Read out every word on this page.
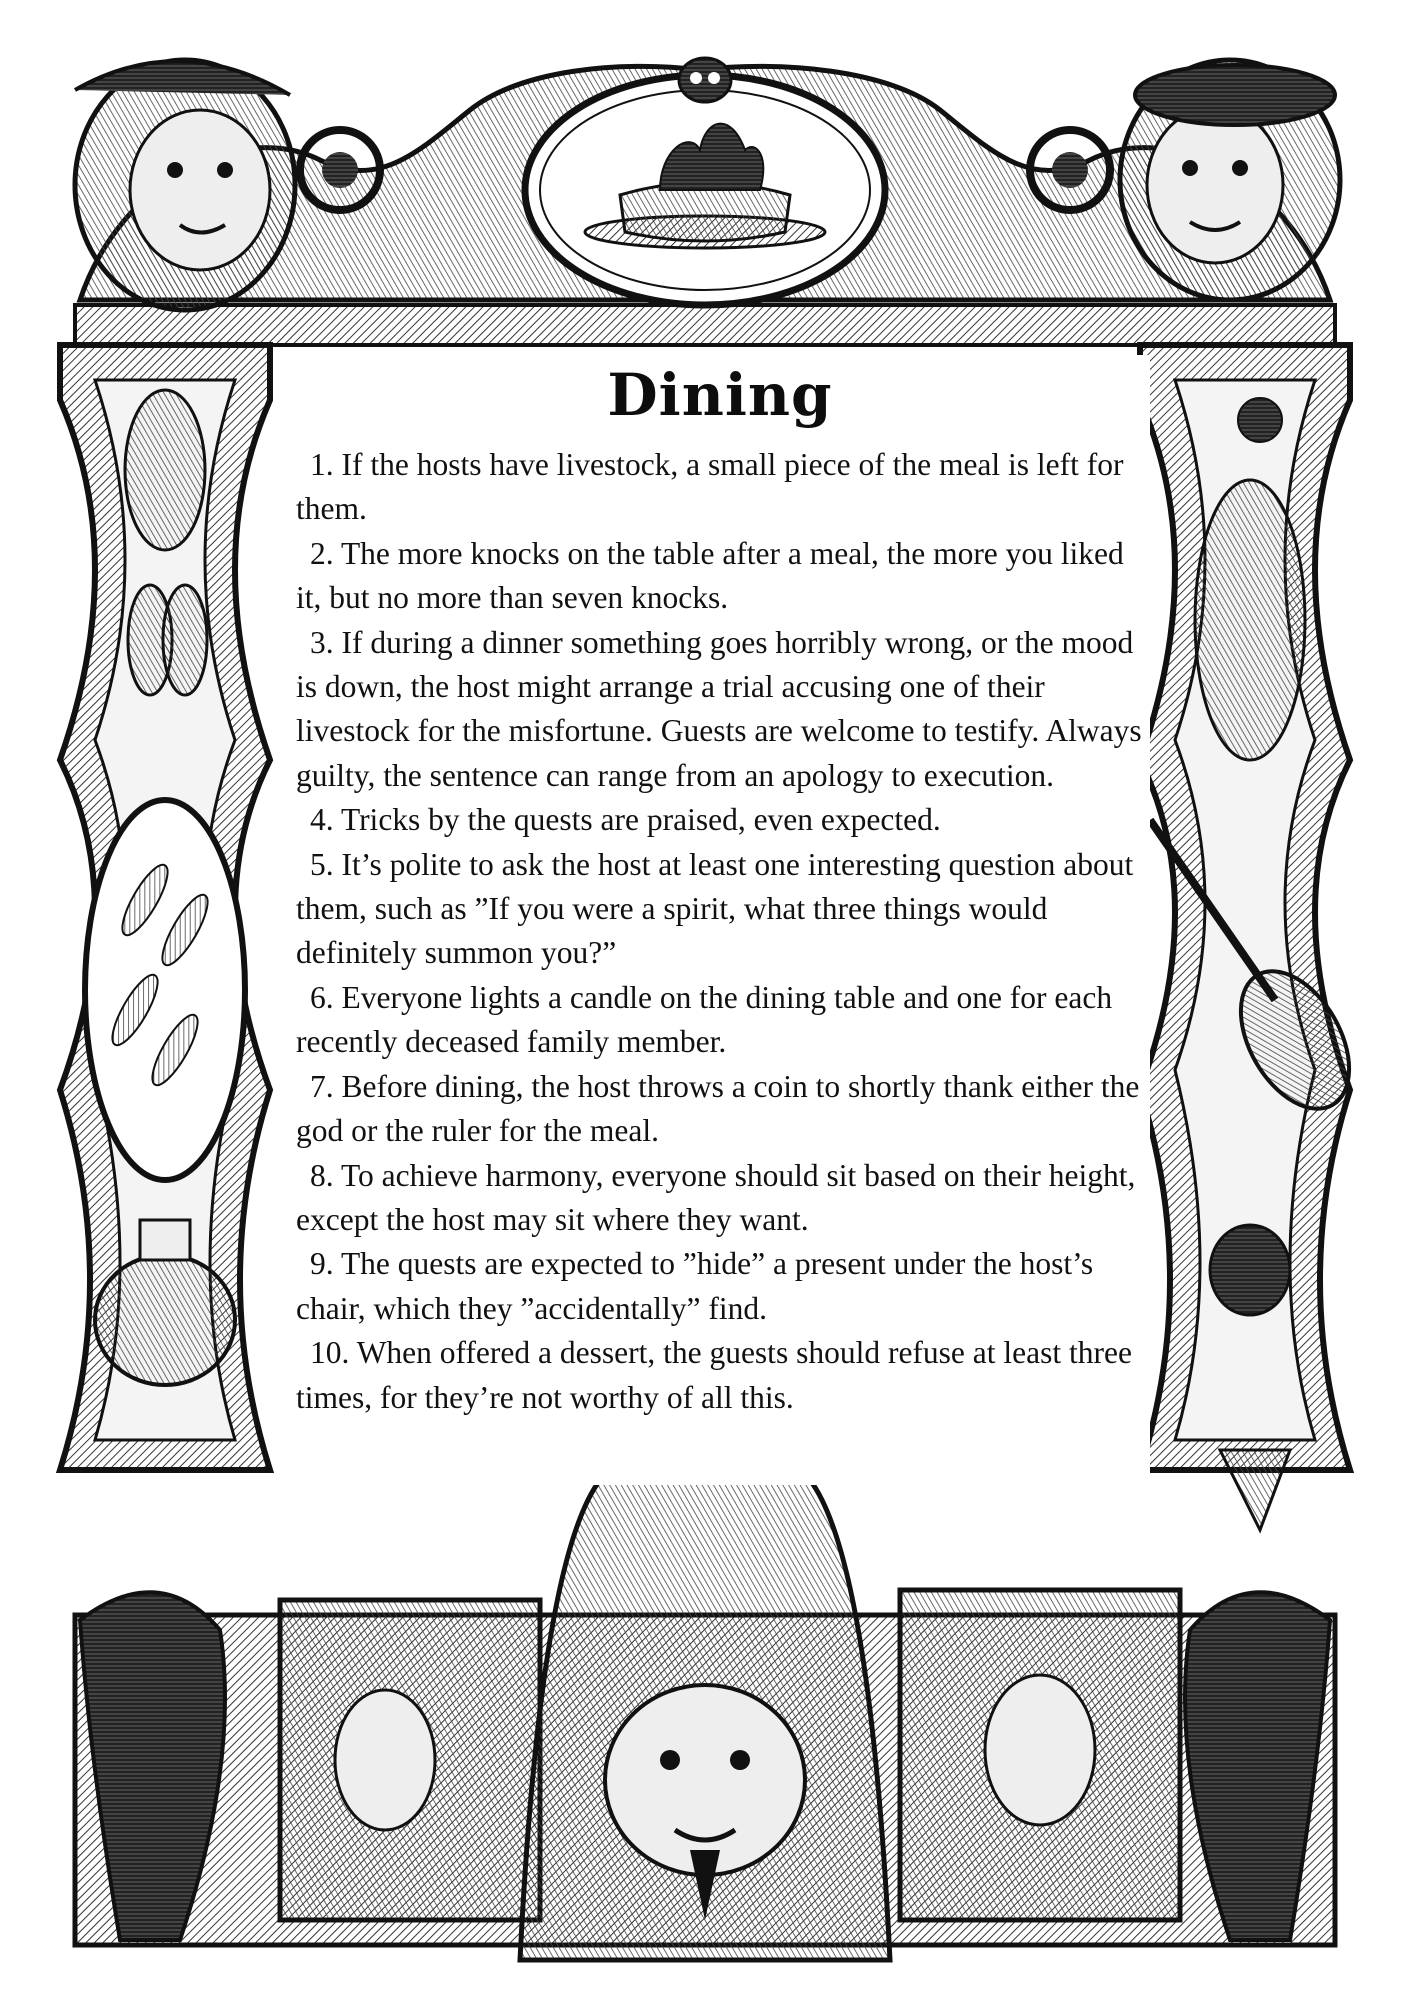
Dining

1. If the hosts have livestock, a small piece of the meal is left for them.

2. The more knocks on the table after a meal, the more you liked it, but no more than seven knocks.

3. If during a dinner something goes horribly wrong, or the mood is down, the host might arrange a trial accusing one of their livestock for the misfortune. Guests are welcome to testify. Always guilty, the sentence can range from an apology to execution.

4. Tricks by the quests are praised, even expected.

5. It’s polite to ask the host at least one interesting question about them, such as ”If you were a spirit, what three things would definitely summon you?”

6. Everyone lights a candle on the dining table and one for each recently deceased family member.

7. Before dining, the host throws a coin to shortly thank either the god or the ruler for the meal.

8. To achieve harmony, everyone should sit based on their height, except the host may sit where they want.

9. The quests are expected to ”hide” a present under the host’s chair, which they ”accidentally” find.

10. When offered a dessert, the guests should refuse at least three times, for they’re not worthy of all this.
